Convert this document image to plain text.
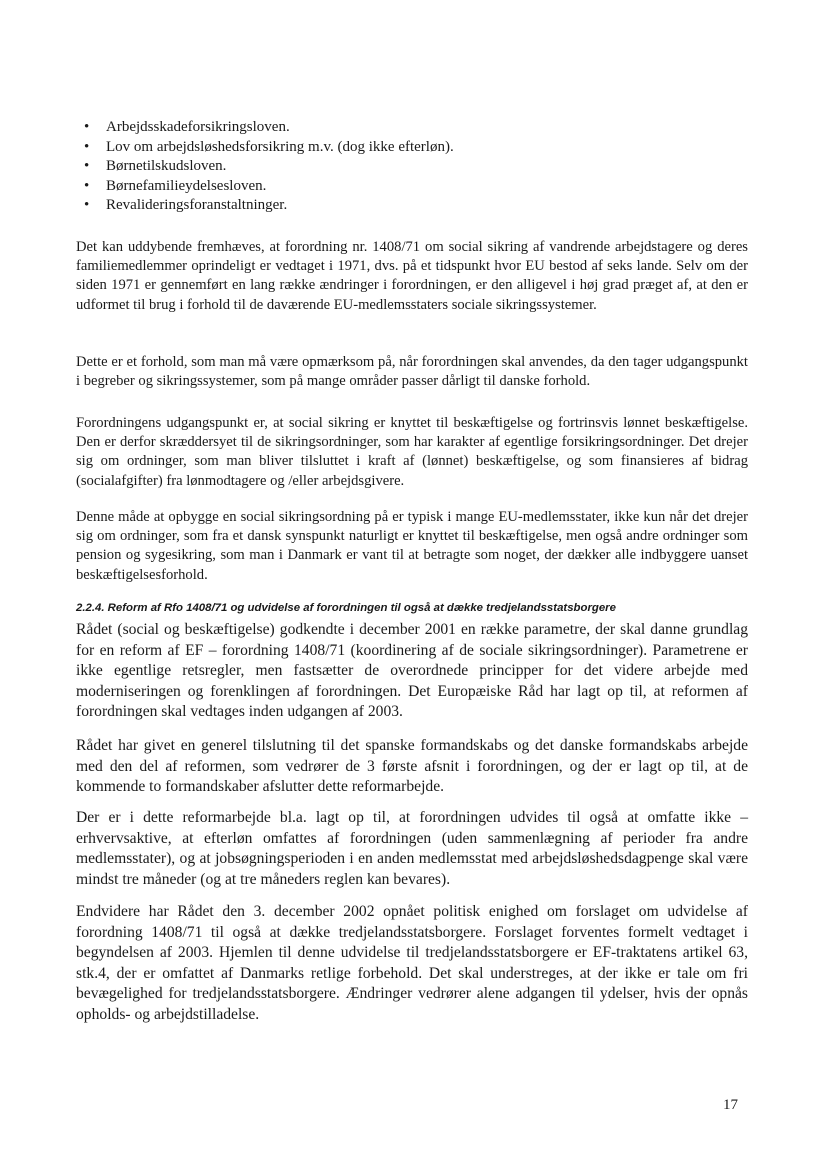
• Arbejdsskadeforsikringsloven.
• Lov om arbejdsløshedsforsikring m.v. (dog ikke efterløn).
• Børnetilskudsloven.
• Børnefamilieydelsesloven.
• Revalideringsforanstaltninger.

Det kan uddybende fremhæves, at forordning nr. 1408/71 om social sikring af vandrende arbejdstagere og deres familiemedlemmer oprindeligt er vedtaget i 1971, dvs. på et tidspunkt hvor EU bestod af seks lande. Selv om der siden 1971 er gennemført en lang række ændringer i forordningen, er den alligevel i høj grad præget af, at den er udformet til brug i forhold til de daværende EU-medlemsstaters sociale sikringssystemer.

Dette er et forhold, som man må være opmærksom på, når forordningen skal anvendes, da den tager udgangspunkt i begreber og sikringssystemer, som på mange områder passer dårligt til danske forhold.

Forordningens udgangspunkt er, at social sikring er knyttet til beskæftigelse og fortrinsvis lønnet beskæftigelse. Den er derfor skræddersyet til de sikringsordninger, som har karakter af egentlige forsikringsordninger. Det drejer sig om ordninger, som man bliver tilsluttet i kraft af (lønnet) beskæftigelse, og som finansieres af bidrag (socialafgifter) fra lønmodtagere og /eller arbejdsgivere.

Denne måde at opbygge en social sikringsordning på er typisk i mange EU-medlemsstater, ikke kun når det drejer sig om ordninger, som fra et dansk synspunkt naturligt er knyttet til beskæftigelse, men også andre ordninger som pension og sygesikring, som man i Danmark er vant til at betragte som noget, der dækker alle indbyggere uanset beskæftigelsesforhold.

2.2.4. Reform af Rfo 1408/71 og udvidelse af forordningen til også at dække tredjelandsstatsborgere

Rådet (social og beskæftigelse) godkendte i december 2001 en række parametre, der skal danne grundlag for en reform af EF – forordning 1408/71 (koordinering af de sociale sikringsordninger). Parametrene er ikke egentlige retsregler, men fastsætter de overordnede principper for det videre arbejde med moderniseringen og forenklingen af forordningen. Det Europæiske Råd har lagt op til, at reformen af forordningen skal vedtages inden udgangen af 2003.

Rådet har givet en generel tilslutning til det spanske formandskabs og det danske formandskabs arbejde med den del af reformen, som vedrører de 3 første afsnit i forordningen, og der er lagt op til, at de kommende to formandskaber afslutter dette reformarbejde.

Der er i dette reformarbejde bl.a. lagt op til, at forordningen udvides til også at omfatte ikke – erhvervsaktive, at efterløn omfattes af forordningen (uden sammenlægning af perioder fra andre medlemsstater), og at jobsøgningsperioden i en anden medlemsstat med arbejdsløshedsdagpenge skal være mindst tre måneder (og at tre måneders reglen kan bevares).

Endvidere har Rådet den 3. december 2002 opnået politisk enighed om forslaget om udvidelse af forordning 1408/71 til også at dække tredjelandsstatsborgere. Forslaget forventes formelt vedtaget i begyndelsen af 2003. Hjemlen til denne udvidelse til tredjelandsstatsborgere er EF-traktatens artikel 63, stk.4, der er omfattet af Danmarks retlige forbehold. Det skal understreges, at der ikke er tale om fri bevægelighed for tredjelandsstatsborgere. Ændringer vedrører alene adgangen til ydelser, hvis der opnås opholds- og arbejdstilladelse.

17
